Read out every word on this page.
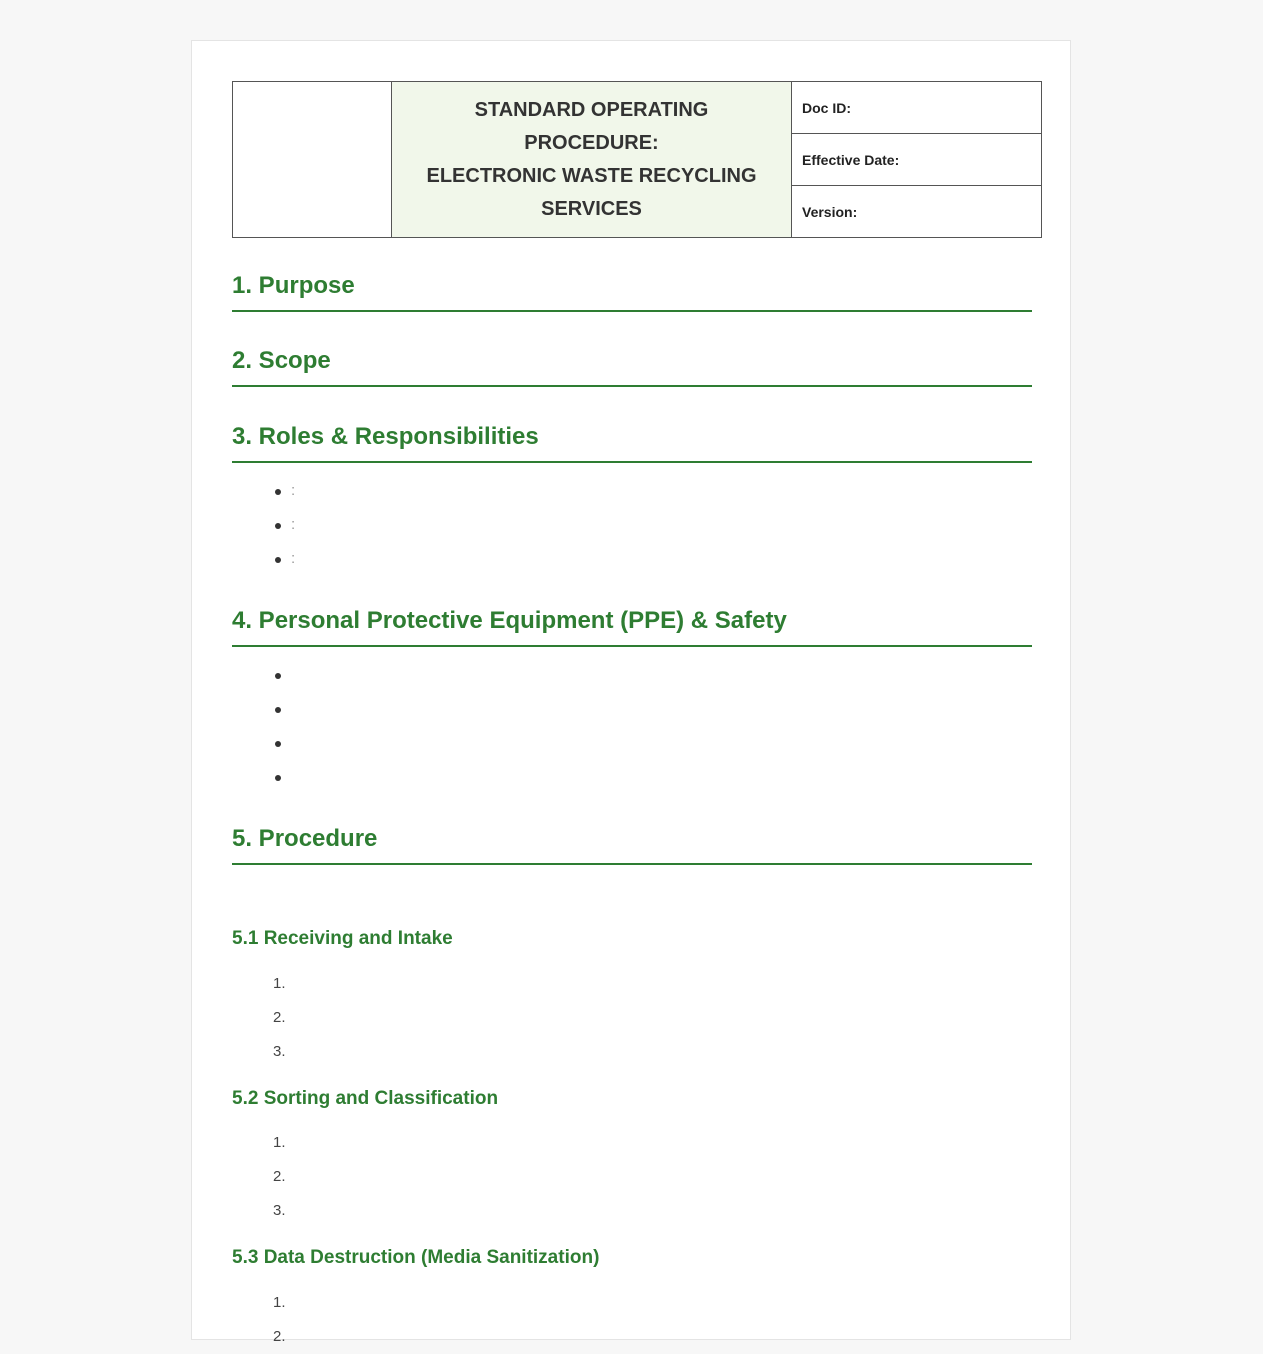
STANDARD OPERATING
PROCEDURE:
ELECTRONIC WASTE RECYCLING
SERVICES
	Doc ID:
Effective Date:
Version:
1. Purpose
2. Scope
3. Roles & Responsibilities
:
:
:
4. Personal Protective Equipment (PPE) & Safety
5. Procedure
5.1 Receiving and Intake
1.
2.
3.
5.2 Sorting and Classification
1.
2.
3.
5.3 Data Destruction (Media Sanitization)
1.
2.
